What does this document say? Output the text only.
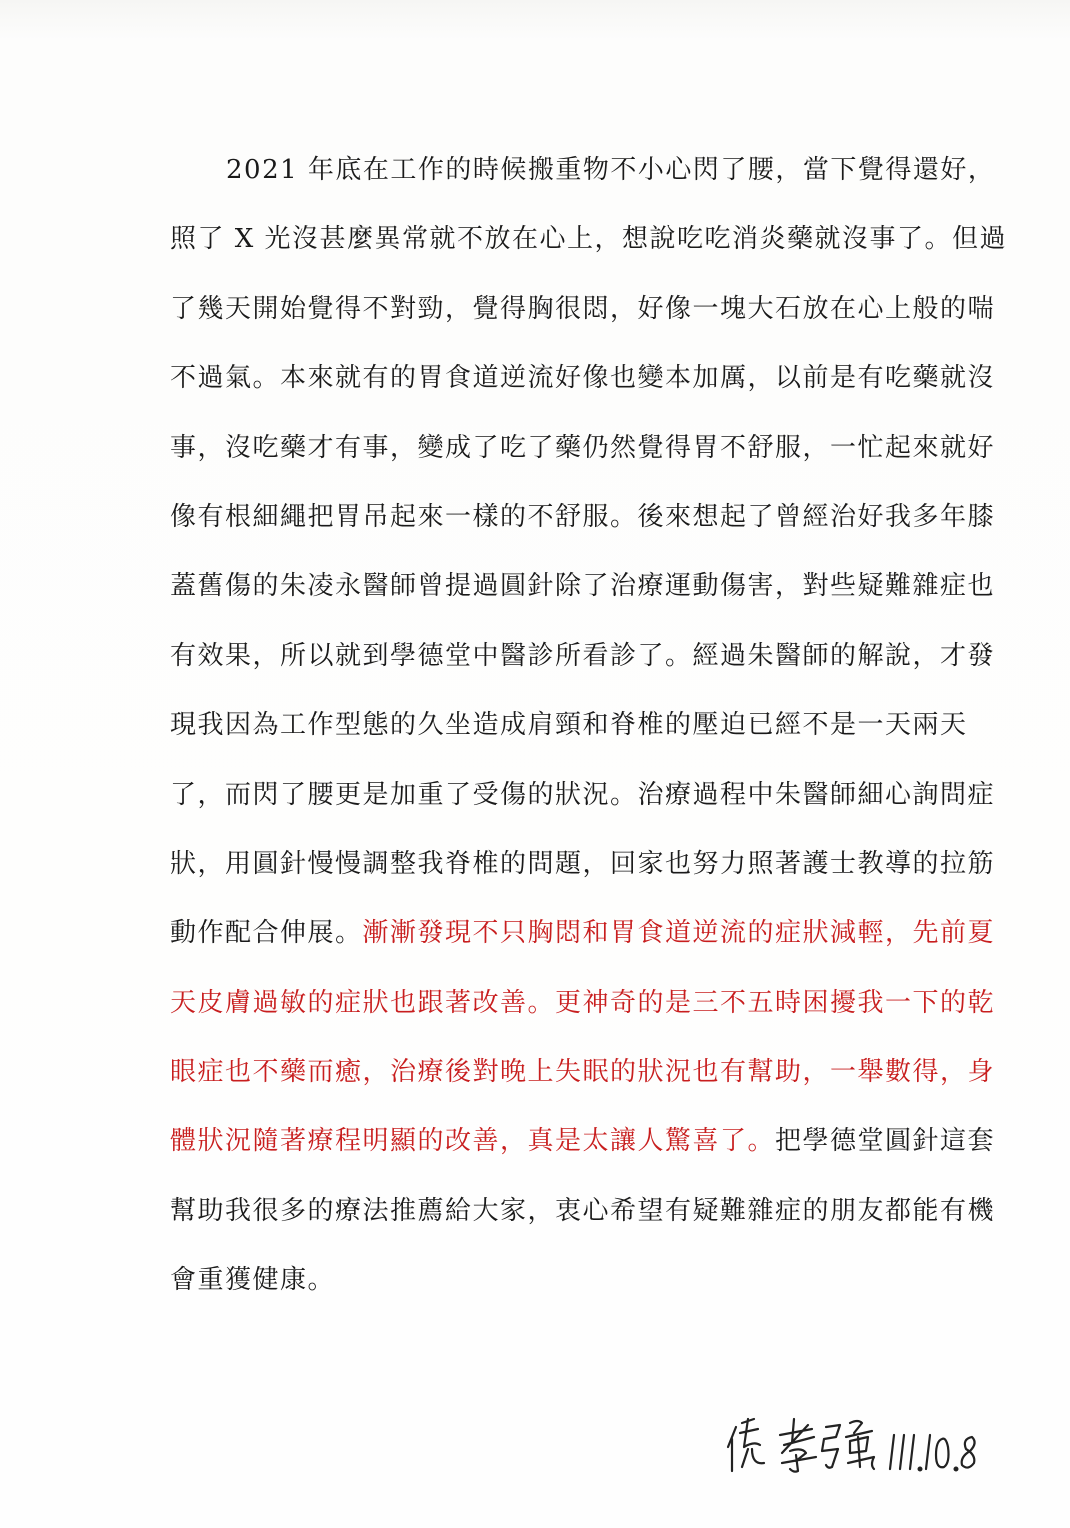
2021 年底在工作的時候搬重物不小心閃了腰，當下覺得還好，
照了 X 光沒甚麼異常就不放在心上，想說吃吃消炎藥就沒事了。但過
了幾天開始覺得不對勁，覺得胸很悶，好像一塊大石放在心上般的喘
不過氣。本來就有的胃食道逆流好像也變本加厲，以前是有吃藥就沒
事，沒吃藥才有事，變成了吃了藥仍然覺得胃不舒服，一忙起來就好
像有根細繩把胃吊起來一樣的不舒服。後來想起了曾經治好我多年膝
蓋舊傷的朱凌永醫師曾提過圓針除了治療運動傷害，對些疑難雜症也
有效果，所以就到學德堂中醫診所看診了。經過朱醫師的解說，才發
現我因為工作型態的久坐造成肩頸和脊椎的壓迫已經不是一天兩天
了，而閃了腰更是加重了受傷的狀況。治療過程中朱醫師細心詢問症
狀，用圓針慢慢調整我脊椎的問題，回家也努力照著護士教導的拉筋
動作配合伸展。漸漸發現不只胸悶和胃食道逆流的症狀減輕，先前夏
天皮膚過敏的症狀也跟著改善。更神奇的是三不五時困擾我一下的乾
眼症也不藥而癒，治療後對晚上失眠的狀況也有幫助，一舉數得，身
體狀況隨著療程明顯的改善，真是太讓人驚喜了。把學德堂圓針這套
幫助我很多的療法推薦給大家，衷心希望有疑難雜症的朋友都能有機
會重獲健康。
